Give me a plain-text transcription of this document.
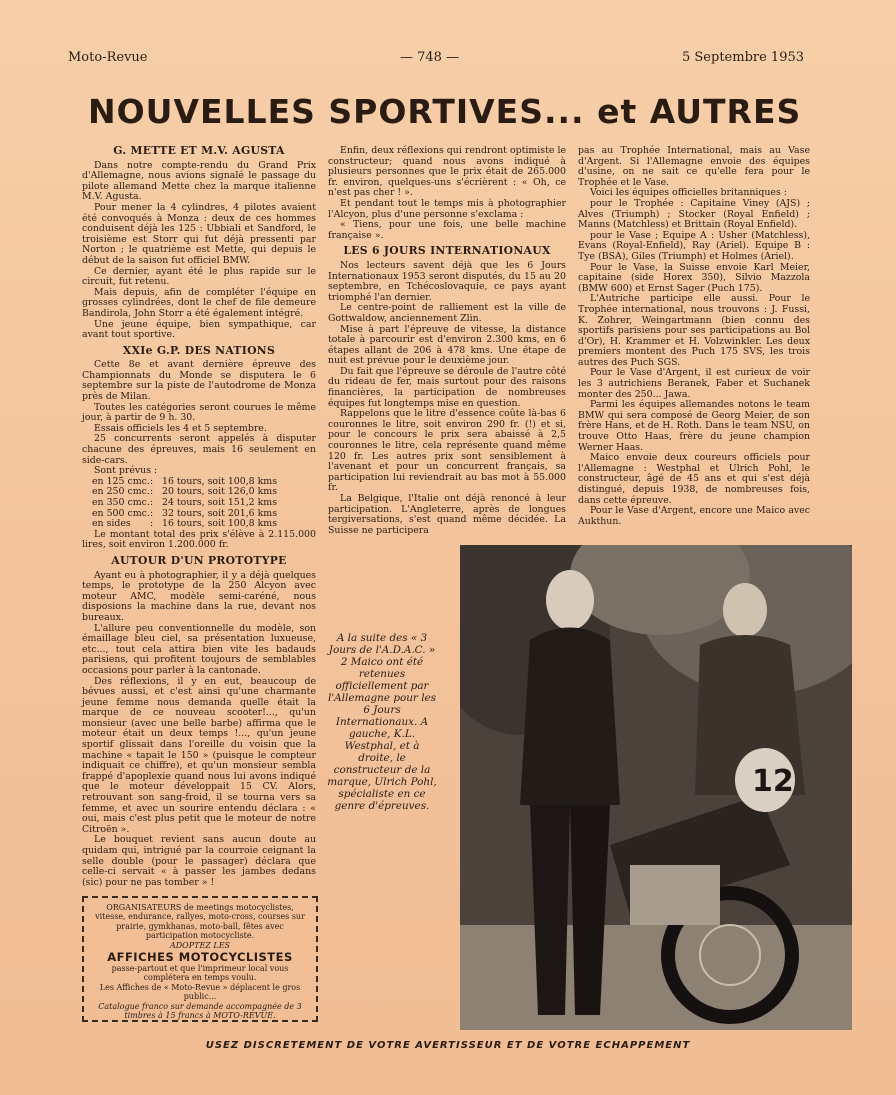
Moto-Revue	— 748 —	5 Septembre 1953
NOUVELLES SPORTIVES... et AUTRES
G. METTE ET M.V. AGUSTA

Dans notre compte-rendu du Grand Prix d'Allemagne, nous avions signalé le passage du pilote allemand Mette chez la marque italienne M.V. Agusta.

Pour mener la 4 cylindres, 4 pilotes avaient été convoqués à Monza : deux de ces hommes conduisent déjà les 125 : Ubbiali et Sandford, le troisième est Storr qui fut déjà pressenti par Norton ; le quatrième est Mette, qui depuis le début de la saison fut officiel BMW.

Ce dernier, ayant été le plus rapide sur le circuit, fut retenu.

Mais depuis, afin de compléter l'équipe en grosses cylindrées, dont le chef de file demeure Bandirola, John Storr a été également intégré.

Une jeune équipe, bien sympathique, car avant tout sportive.

XXIe G.P. DES NATIONS

Cette 8e et avant dernière épreuve des Championnats du Monde se disputera le 6 septembre sur la piste de l'autodrome de Monza près de Milan.

Toutes les catégories seront courues le même jour, à partir de 9 h. 30.

Essais officiels les 4 et 5 septembre.

25 concurrents seront appelés à disputer chacune des épreuves, mais 16 seulement en side-cars.

Sont prévus :

en 125 cmc. : 16 tours, soit 100,8 kms
en 250 cmc. : 20 tours, soit 126,0 kms
en 350 cmc. : 24 tours, soit 151,2 kms
en 500 cmc. : 32 tours, soit 201,6 kms
en sides	: 16 tours, soit 100,8 kms

Le montant total des prix s'élève à 2.115.000 lires, soit environ 1.200.000 fr.

AUTOUR D'UN PROTOTYPE

Ayant eu à photographier, il y a déjà quelques temps, le prototype de la 250 Alcyon avec moteur AMC, modèle semi-caréné, nous disposions la machine dans la rue, devant nos bureaux.

L'allure peu conventionnelle du modèle, son émaillage bleu ciel, sa présentation luxueuse, etc..., tout cela attira bien vite les badauds parisiens, qui profitent toujours de semblables occasions pour parler à la cantonade.

Des réflexions, il y en eut, beaucoup de bévues aussi, et c'est ainsi qu'une charmante jeune femme nous demanda quelle était la marque de ce nouveau scooter!..., qu'un monsieur (avec une belle barbe) affirma que le moteur était un deux temps !..., qu'un jeune sportif glissait dans l'oreille du voisin que la machine « tapait le 150 » (puisque le compteur indiquait ce chiffre), et qu'un monsieur sembla frappé d'apoplexie quand nous lui avons indiqué que le moteur développait 15 CV. Alors, retrouvant son sang-froid, il se tourna vers sa femme, et avec un sourire entendu déclara : « oui, mais c'est plus petit que le moteur de notre Citroën ».

Le bouquet revient sans aucun doute au quidam qui, intrigué par la courroie ceignant la selle double (pour le passager) déclara que celle-ci servait « à passer les jambes dedans (sic) pour ne pas tomber » !

ORGANISATEURS de meetings motocyclistes, vitesse, endurance, rallyes, moto-cross, courses sur prairie, gymkhanas, moto-ball, fêtes avec participation motocycliste.
ADOPTEZ LES
AFFICHES MOTOCYCLISTES
passe-partout et que l'imprimeur local vous complétera en temps voulu.
Les Affiches de « Moto-Revue » déplacent le gros public...
Catalogue franco sur demande accompagnée de 3 timbres à 15 francs à MOTO-REVUE.

Enfin, deux réflexions qui rendront optimiste le constructeur; quand nous avons indiqué à plusieurs personnes que le prix était de 265.000 fr. environ, quelques-uns s'écrièrent : « Oh, ce n'est pas cher ! ».

Et pendant tout le temps mis à photographier l'Alcyon, plus d'une personne s'exclama :

« Tiens, pour une fois, une belle machine française ».

LES 6 JOURS INTERNATIONAUX

Nos lecteurs savent déjà que les 6 Jours Internationaux 1953 seront disputés, du 15 au 20 septembre, en Tchécoslovaquie, ce pays ayant triomphé l'an dernier.

Le centre-point de ralliement est la ville de Gottwaldow, anciennement Zlin.

Mise à part l'épreuve de vitesse, la distance totale à parcourir est d'environ 2.300 kms, en 6 étapes allant de 206 à 478 kms. Une étape de nuit est prévue pour le deuxième jour.

Du fait que l'épreuve se déroule de l'autre côté du rideau de fer, mais surtout pour des raisons financières, la participation de nombreuses équipes fut longtemps mise en question.

Rappelons que le litre d'essence coûte là-bas 6 couronnes le litre, soit environ 290 fr. (!) et si, pour le concours le prix sera abaissé à 2,5 couronnes le litre, cela représente quand même 120 fr. Les autres prix sont sensiblement à l'avenant et pour un concurrent français, sa participation lui reviendrait au bas mot à 55.000 fr.

La Belgique, l'Italie ont déjà renoncé à leur participation. L'Angleterre, après de longues tergiversations, s'est quand même décidée. La Suisse ne participera

pas au Trophée International, mais au Vase d'Argent. Si l'Allemagne envoie des équipes d'usine, on ne sait ce qu'elle fera pour le Trophée et le Vase.

Voici les équipes officielles britanniques :

pour le Trophée : Capitaine Viney (AJS) ; Alves (Triumph) ; Stocker (Royal Enfield) ; Manns (Matchless) et Brittain (Royal Enfield).

pour le Vase ; Equipe A : Usher (Matchless), Evans (Royal-Enfield), Ray (Ariel). Equipe B : Tye (BSA), Giles (Triumph) et Holmes (Ariel).

Pour le Vase, la Suisse envoie Karl Meier, capitaine (side Horex 350), Silvio Mazzola (BMW 600) et Ernst Sager (Puch 175).

L'Autriche participe elle aussi. Pour le Trophée international, nous trouvons : J. Fussi, K. Zohrer, Weingartmann (bien connu des sportifs parisiens pour ses participations au Bol d'Or), H. Krammer et H. Volzwinkler. Les deux premiers montent des Puch 175 SVS, les trois autres des Puch SGS.

Pour le Vase d'Argent, il est curieux de voir les 3 autrichiens Beranek, Faber et Suchanek monter des 250... Jawa.

Parmi les équipes allemandes notons le team BMW qui sera composé de Georg Meier, de son frère Hans, et de H. Roth. Dans le team NSU, on trouve Otto Haas, frère du jeune champion Werner Haas.

Maico envoie deux coureurs officiels pour l'Allemagne : Westphal et Ulrich Pohl, le constructeur, âgé de 45 ans et qui s'est déjà distingué, depuis 1938, de nombreuses fois, dans cette épreuve.

Pour le Vase d'Argent, encore une Maico avec Aukthun.

A la suite des « 3 Jours de l'A.D.A.C. » 2 Maico ont été retenues officiellement par l'Allemagne pour les 6 Jours Internationaux. A gauche, K.L. Westphal, et à droite, le constructeur de la marque, Ulrich Pohl, spécialiste en ce genre d'épreuves.
12
USEZ DISCRETEMENT DE VOTRE AVERTISSEUR ET DE VOTRE ECHAPPEMENT
